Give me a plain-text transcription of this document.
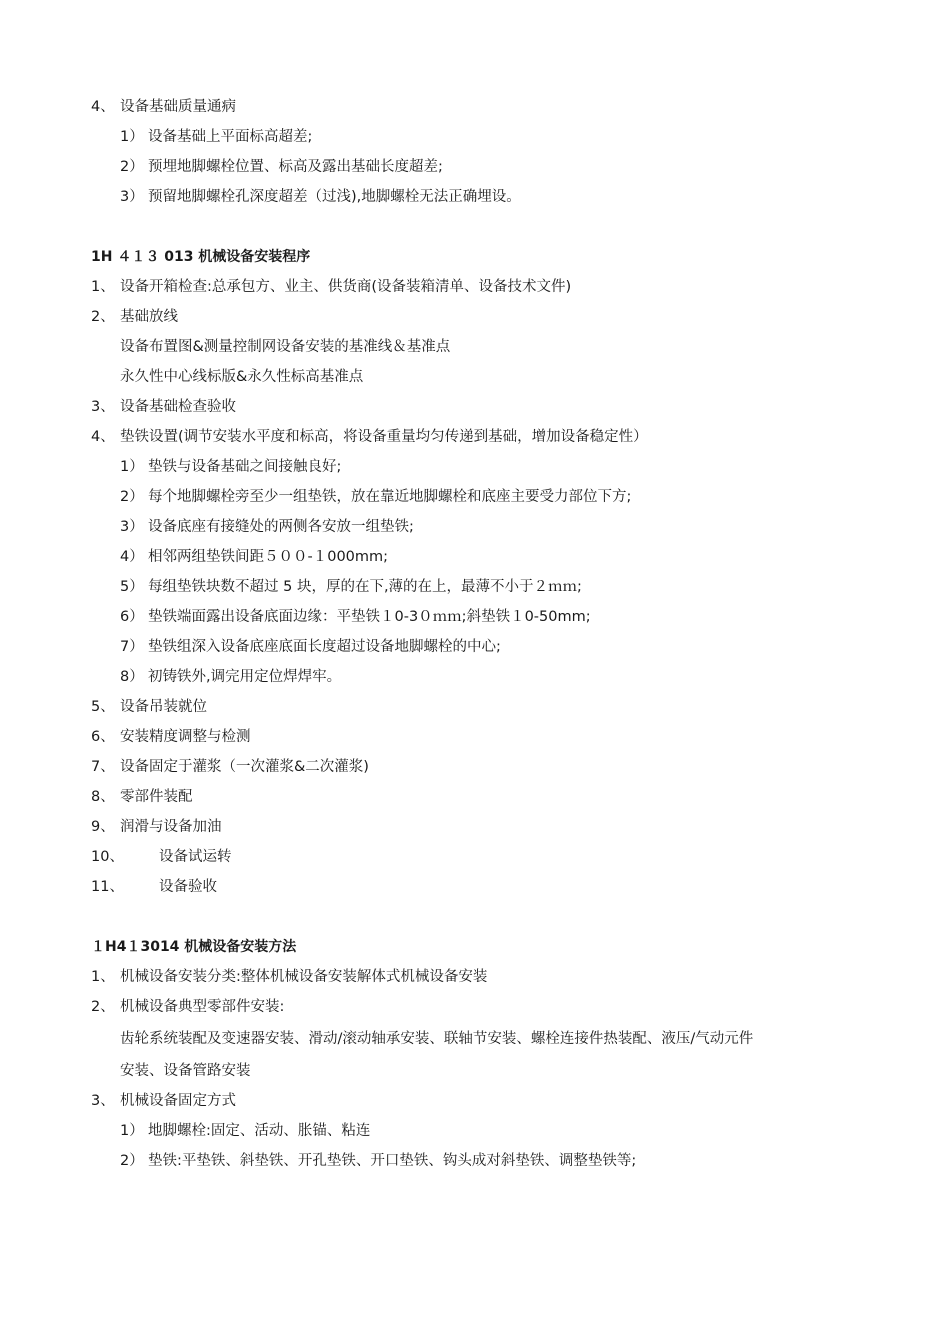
4、 设备基础质量通病
1） 设备基础上平面标高超差;
2） 预埋地脚螺栓位置、标高及露出基础长度超差;
3） 预留地脚螺栓孔深度超差（过浅),地脚螺栓无法正确埋设。
1H ４１３ 013 机械设备安装程序
1、 设备开箱检查:总承包方、业主、供货商(设备装箱清单、设备技术文件)
2、 基础放线
设备布置图&测量控制网设备安装的基准线＆基准点
永久性中心线标版&永久性标高基准点
3、 设备基础检查验收
4、 垫铁设置(调节安装水平度和标高，将设备重量均匀传递到基础，增加设备稳定性）
1） 垫铁与设备基础之间接触良好;
2） 每个地脚螺栓旁至少一组垫铁，放在靠近地脚螺栓和底座主要受力部位下方;
3） 设备底座有接缝处的两侧各安放一组垫铁;
4） 相邻两组垫铁间距５００-１000mm;
5） 每组垫铁块数不超过 5 块，厚的在下,薄的在上，最薄不小于２ｍｍ;
6） 垫铁端面露出设备底面边缘：平垫铁１0-3０ｍｍ;斜垫铁１0-50mm;
7） 垫铁组深入设备底座底面长度超过设备地脚螺栓的中心;
8） 初铸铁外,调完用定位焊焊牢。
5、 设备吊装就位
6、 安装精度调整与检测
7、 设备固定于灌浆（一次灌浆&二次灌浆)
8、 零部件装配
9、 润滑与设备加油
10、 设备试运转
11、 设备验收
１H4１3014 机械设备安装方法
1、 机械设备安装分类:整体机械设备安装解体式机械设备安装
2、 机械设备典型零部件安装:
齿轮系统装配及变速器安装、滑动/滚动轴承安装、联轴节安装、螺栓连接件热装配、液压/气动元件
安装、设备管路安装
3、 机械设备固定方式
1） 地脚螺栓:固定、活动、胀锚、粘连
2） 垫铁:平垫铁、斜垫铁、开孔垫铁、开口垫铁、钩头成对斜垫铁、调整垫铁等;
